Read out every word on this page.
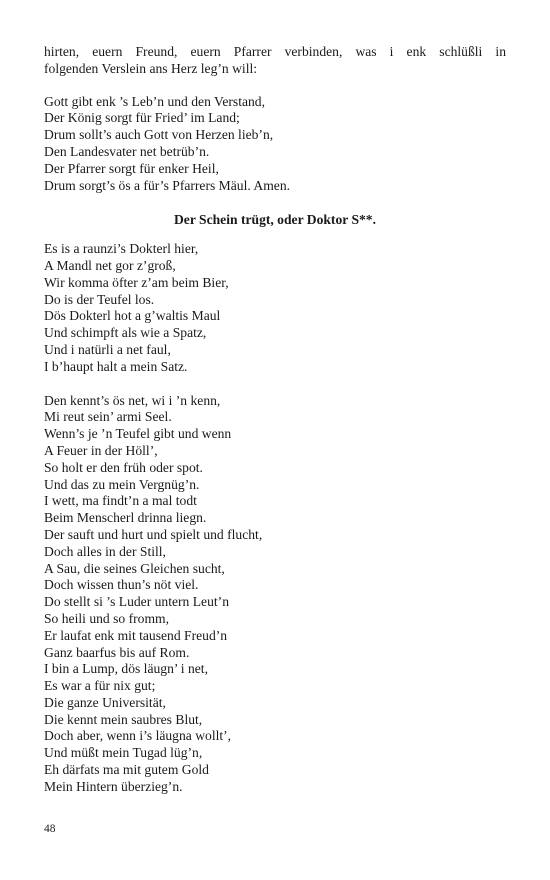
hirten, euern Freund, euern Pfarrer verbinden, was i enk schlüßli in
folgenden Verslein ans Herz leg’n will:
Gott gibt enk ’s Leb’n und den Verstand,
Der König sorgt für Fried’ im Land;
Drum sollt’s auch Gott von Herzen lieb’n,
Den Landesvater net betrüb’n.
Der Pfarrer sorgt für enker Heil,
Drum sorgt’s ös a für’s Pfarrers Mäul. Amen.
Der Schein trügt, oder Doktor S**.
Es is a raunzi’s Dokterl hier,
A Mandl net gor z’groß,
Wir komma öfter z’am beim Bier,
Do is der Teufel los.
Dös Dokterl hot a g’waltis Maul
Und schimpft als wie a Spatz,
Und i natürli a net faul,
I b’haupt halt a mein Satz.
Den kennt’s ös net, wi i ’n kenn,
Mi reut sein’ armi Seel.
Wenn’s je ’n Teufel gibt und wenn
A Feuer in der Höll’,
So holt er den früh oder spot.
Und das zu mein Vergnüg’n.
I wett, ma findt’n a mal todt
Beim Menscherl drinna liegn.
Der sauft und hurt und spielt und flucht,
Doch alles in der Still,
A Sau, die seines Gleichen sucht,
Doch wissen thun’s nöt viel.
Do stellt si ’s Luder untern Leut’n
So heili und so fromm,
Er laufat enk mit tausend Freud’n
Ganz baarfus bis auf Rom.
I bin a Lump, dös läugn’ i net,
Es war a für nix gut;
Die ganze Universität,
Die kennt mein saubres Blut,
Doch aber, wenn i’s läugna wollt’,
Und müßt mein Tugad lüg’n,
Eh därfats ma mit gutem Gold
Mein Hintern überzieg’n.
48
